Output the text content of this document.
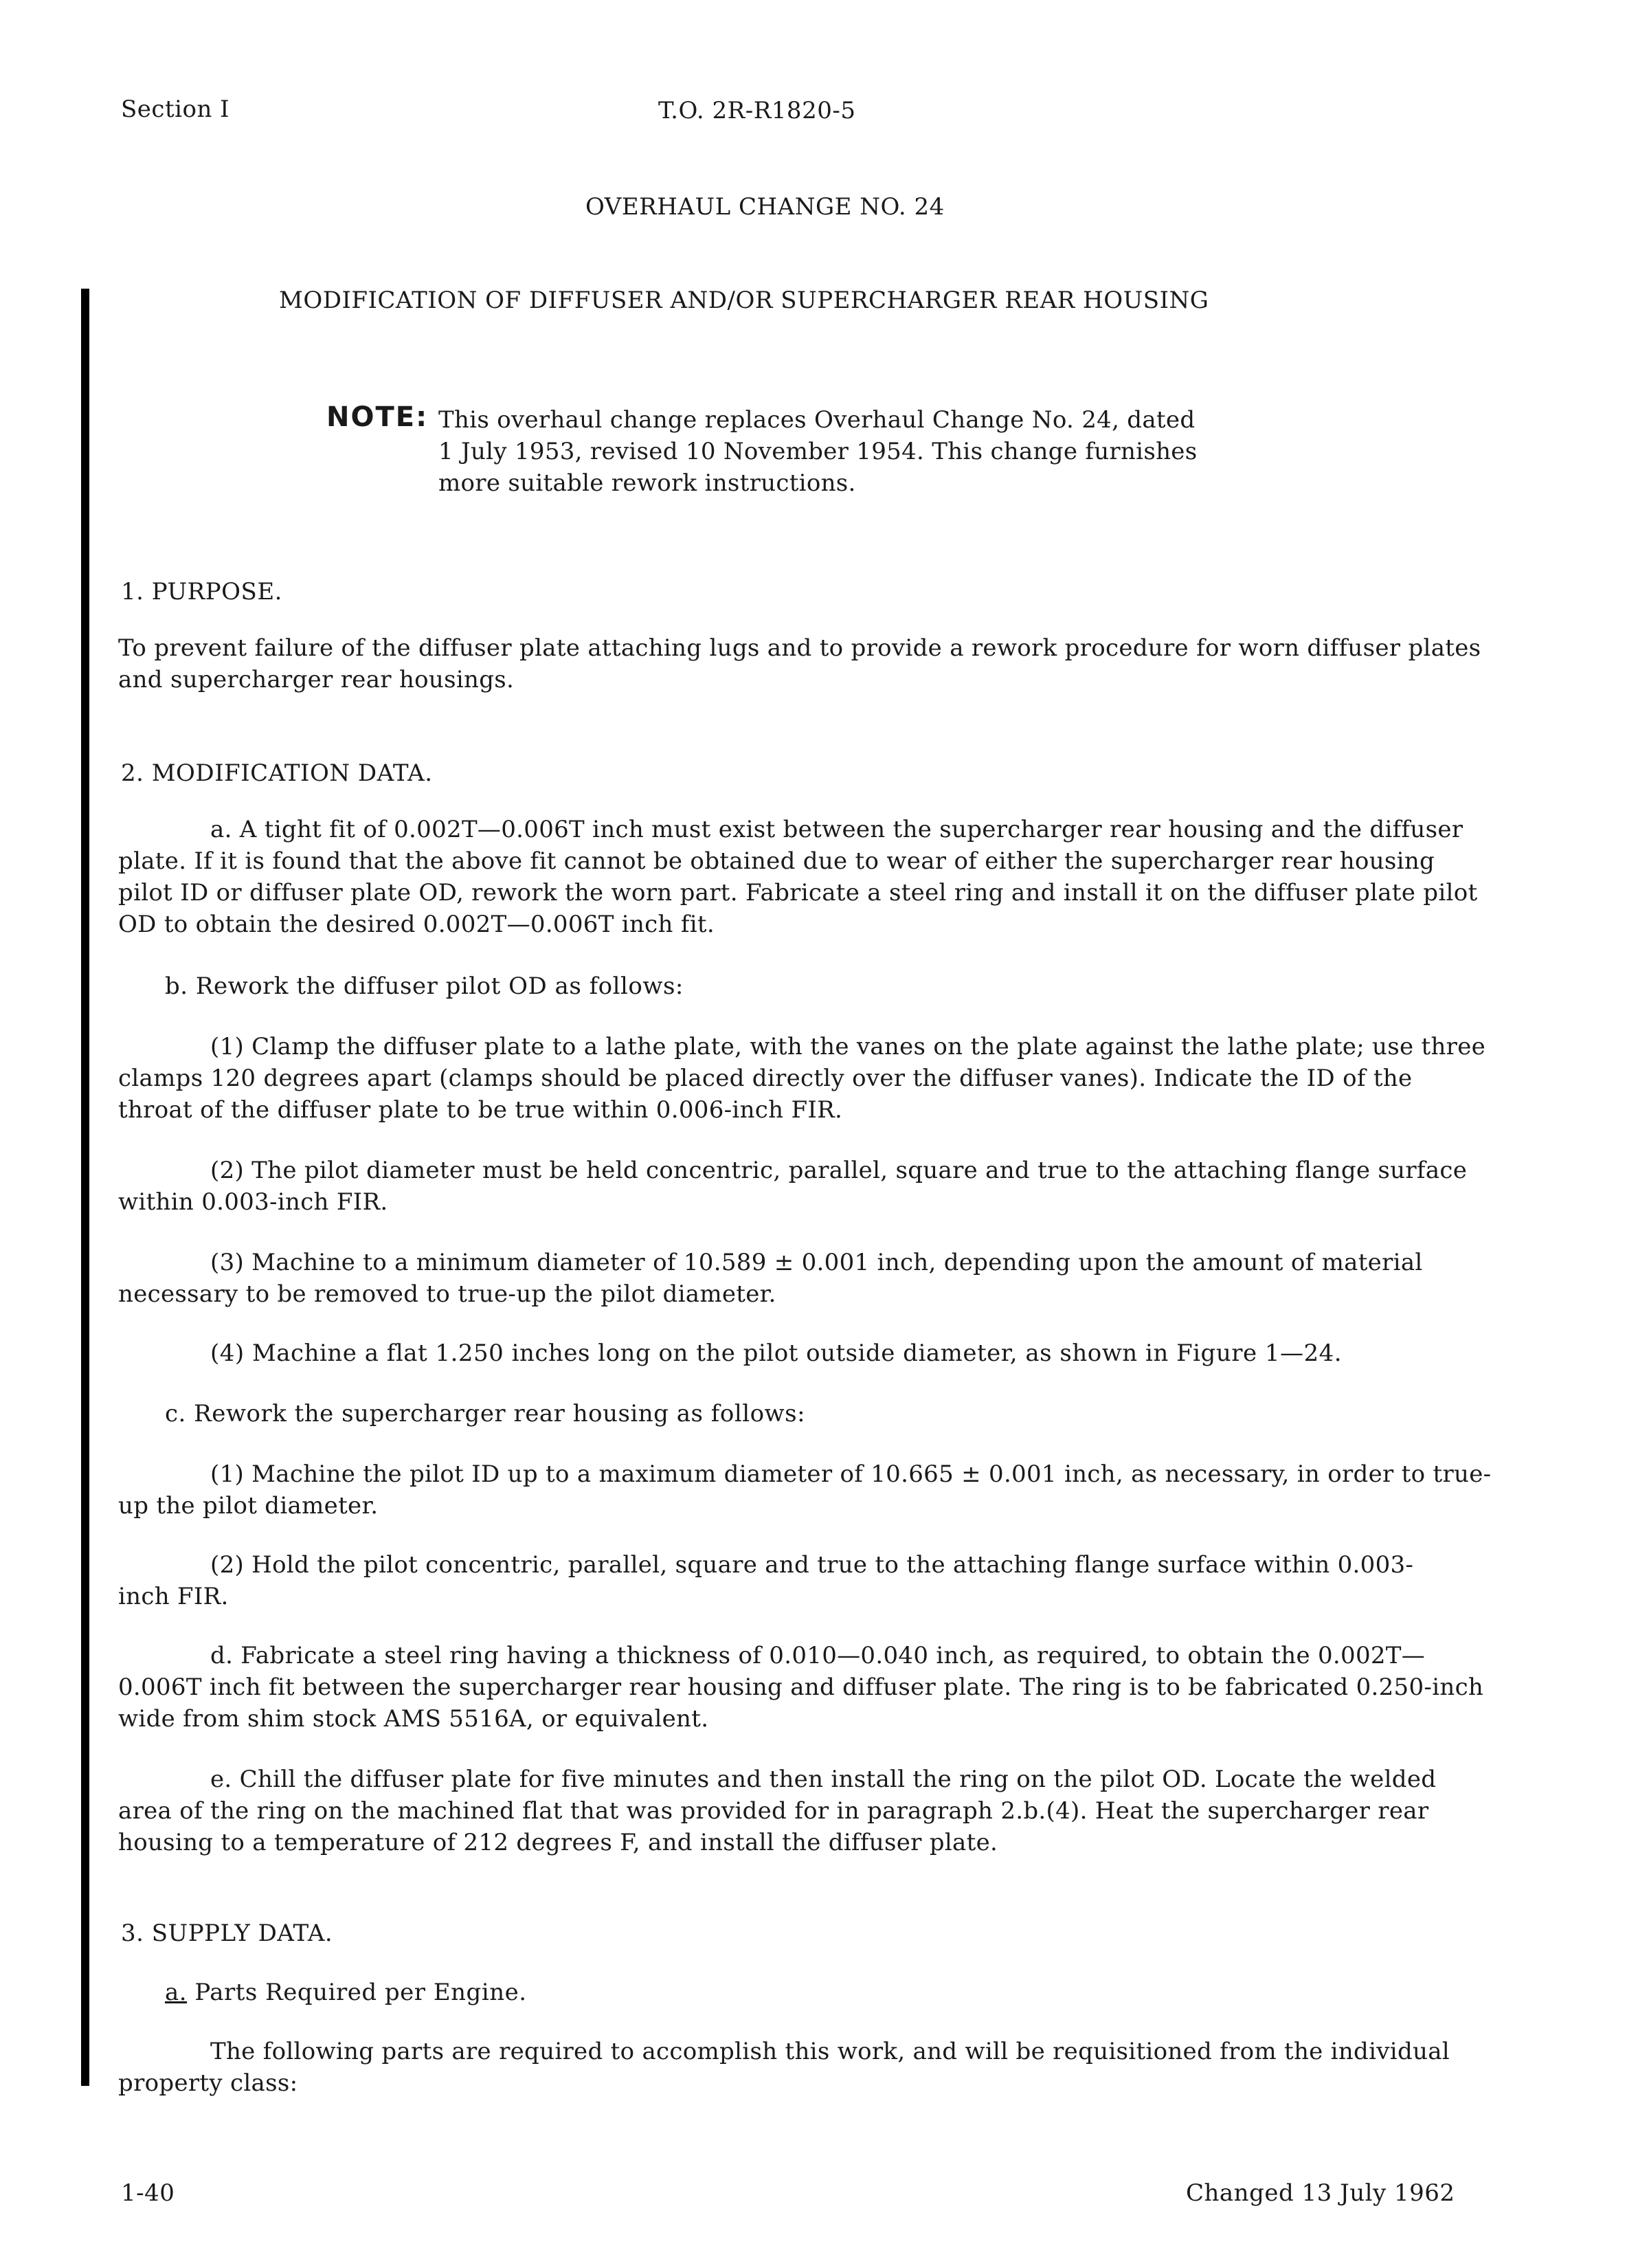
Section I	T.O. 2R-R1820-5
OVERHAUL CHANGE NO. 24
MODIFICATION OF DIFFUSER AND/OR SUPERCHARGER REAR HOUSING
NOTE: This overhaul change replaces Overhaul Change No. 24, dated 1 July 1953, revised 10 November 1954. This change furnishes more suitable rework instructions.
1. PURPOSE.
To prevent failure of the diffuser plate attaching lugs and to provide a rework procedure for worn diffuser plates and supercharger rear housings.
2. MODIFICATION DATA.
a. A tight fit of 0.002T—0.006T inch must exist between the supercharger rear housing and the diffuser plate. If it is found that the above fit cannot be obtained due to wear of either the supercharger rear housing pilot ID or diffuser plate OD, rework the worn part. Fabricate a steel ring and install it on the diffuser plate pilot OD to obtain the desired 0.002T—0.006T inch fit.
b. Rework the diffuser pilot OD as follows:
(1) Clamp the diffuser plate to a lathe plate, with the vanes on the plate against the lathe plate; use three clamps 120 degrees apart (clamps should be placed directly over the diffuser vanes). Indicate the ID of the throat of the diffuser plate to be true within 0.006-inch FIR.
(2) The pilot diameter must be held concentric, parallel, square and true to the attaching flange surface within 0.003-inch FIR.
(3) Machine to a minimum diameter of 10.589 ± 0.001 inch, depending upon the amount of material necessary to be removed to true-up the pilot diameter.
(4) Machine a flat 1.250 inches long on the pilot outside diameter, as shown in Figure 1—24.
c. Rework the supercharger rear housing as follows:
(1) Machine the pilot ID up to a maximum diameter of 10.665 ± 0.001 inch, as necessary, in order to true-up the pilot diameter.
(2) Hold the pilot concentric, parallel, square and true to the attaching flange surface within 0.003-inch FIR.
d. Fabricate a steel ring having a thickness of 0.010—0.040 inch, as required, to obtain the 0.002T—0.006T inch fit between the supercharger rear housing and diffuser plate. The ring is to be fabricated 0.250-inch wide from shim stock AMS 5516A, or equivalent.
e. Chill the diffuser plate for five minutes and then install the ring on the pilot OD. Locate the welded area of the ring on the machined flat that was provided for in paragraph 2.b.(4). Heat the supercharger rear housing to a temperature of 212 degrees F, and install the diffuser plate.
3. SUPPLY DATA.
a. Parts Required per Engine.
The following parts are required to accomplish this work, and will be requisitioned from the individual property class:
1-40	Changed 13 July 1962
